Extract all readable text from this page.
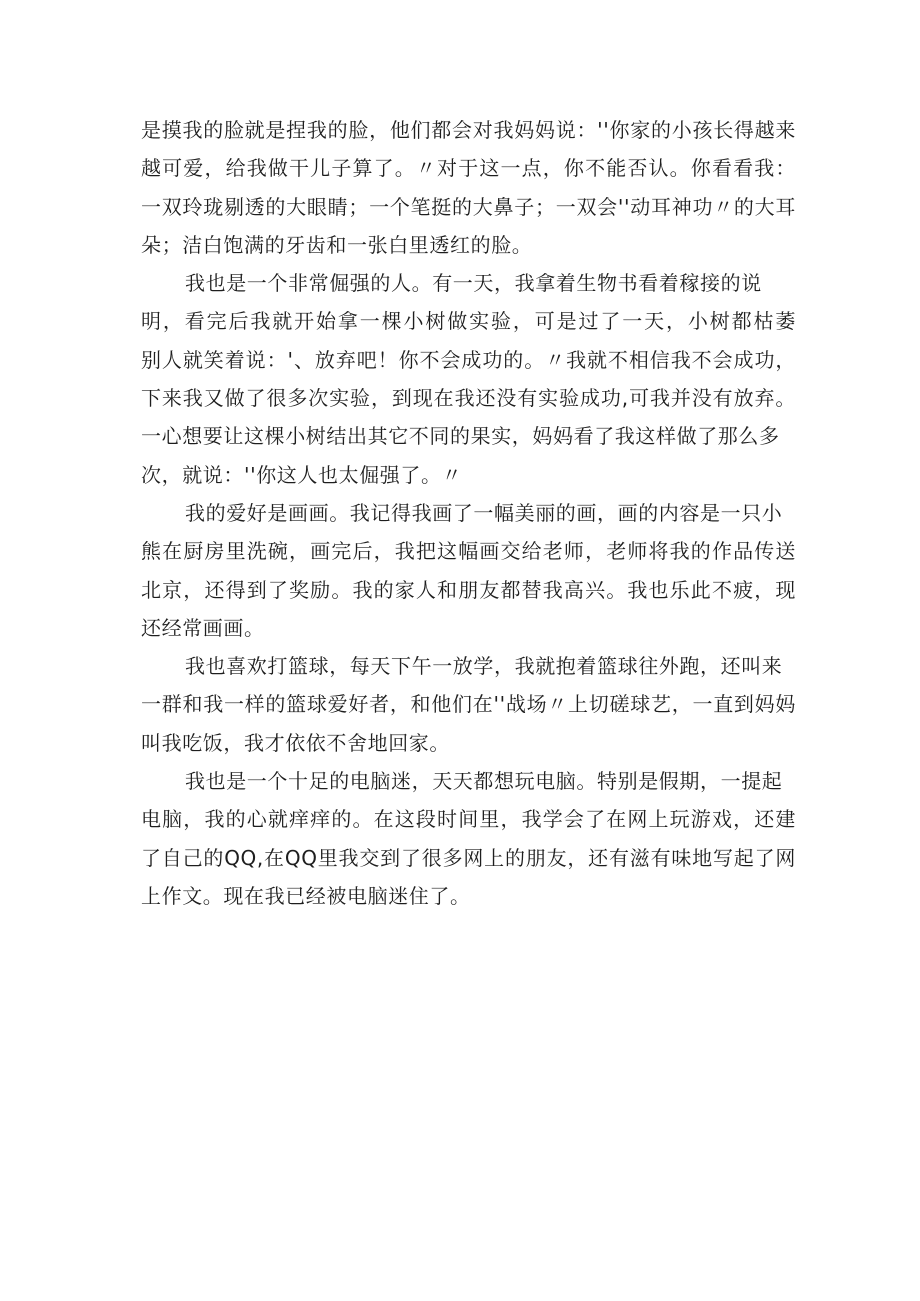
是摸我的脸就是捏我的脸，他们都会对我妈妈说：''你家的小孩长得越来
越可爱，给我做干儿子算了。〃对于这一点，你不能否认。你看看我：
一双玲珑剔透的大眼睛；一个笔挺的大鼻子；一双会''动耳神功〃的大耳
朵；洁白饱满的牙齿和一张白里透红的脸。

我也是一个非常倔强的人。有一天，我拿着生物书看着稼接的说
明，看完后我就开始拿一棵小树做实验，可是过了一天，小树都枯萎
别人就笑着说：'、放弃吧！你不会成功的。〃我就不相信我不会成功，
下来我又做了很多次实验，到现在我还没有实验成功,可我并没有放弃。
一心想要让这棵小树结出其它不同的果实，妈妈看了我这样做了那么多
次，就说：''你这人也太倔强了。〃

我的爱好是画画。我记得我画了一幅美丽的画，画的内容是一只小
熊在厨房里洗碗，画完后，我把这幅画交给老师，老师将我的作品传送
北京，还得到了奖励。我的家人和朋友都替我高兴。我也乐此不疲，现
还经常画画。

我也喜欢打篮球，每天下午一放学，我就抱着篮球往外跑，还叫来
一群和我一样的篮球爱好者，和他们在''战场〃上切磋球艺，一直到妈妈
叫我吃饭，我才依依不舍地回家。

我也是一个十足的电脑迷，天天都想玩电脑。特别是假期，一提起
电脑，我的心就痒痒的。在这段时间里，我学会了在网上玩游戏，还建
了自己的QQ,在QQ里我交到了很多网上的朋友，还有滋有味地写起了网
上作文。现在我已经被电脑迷住了。
